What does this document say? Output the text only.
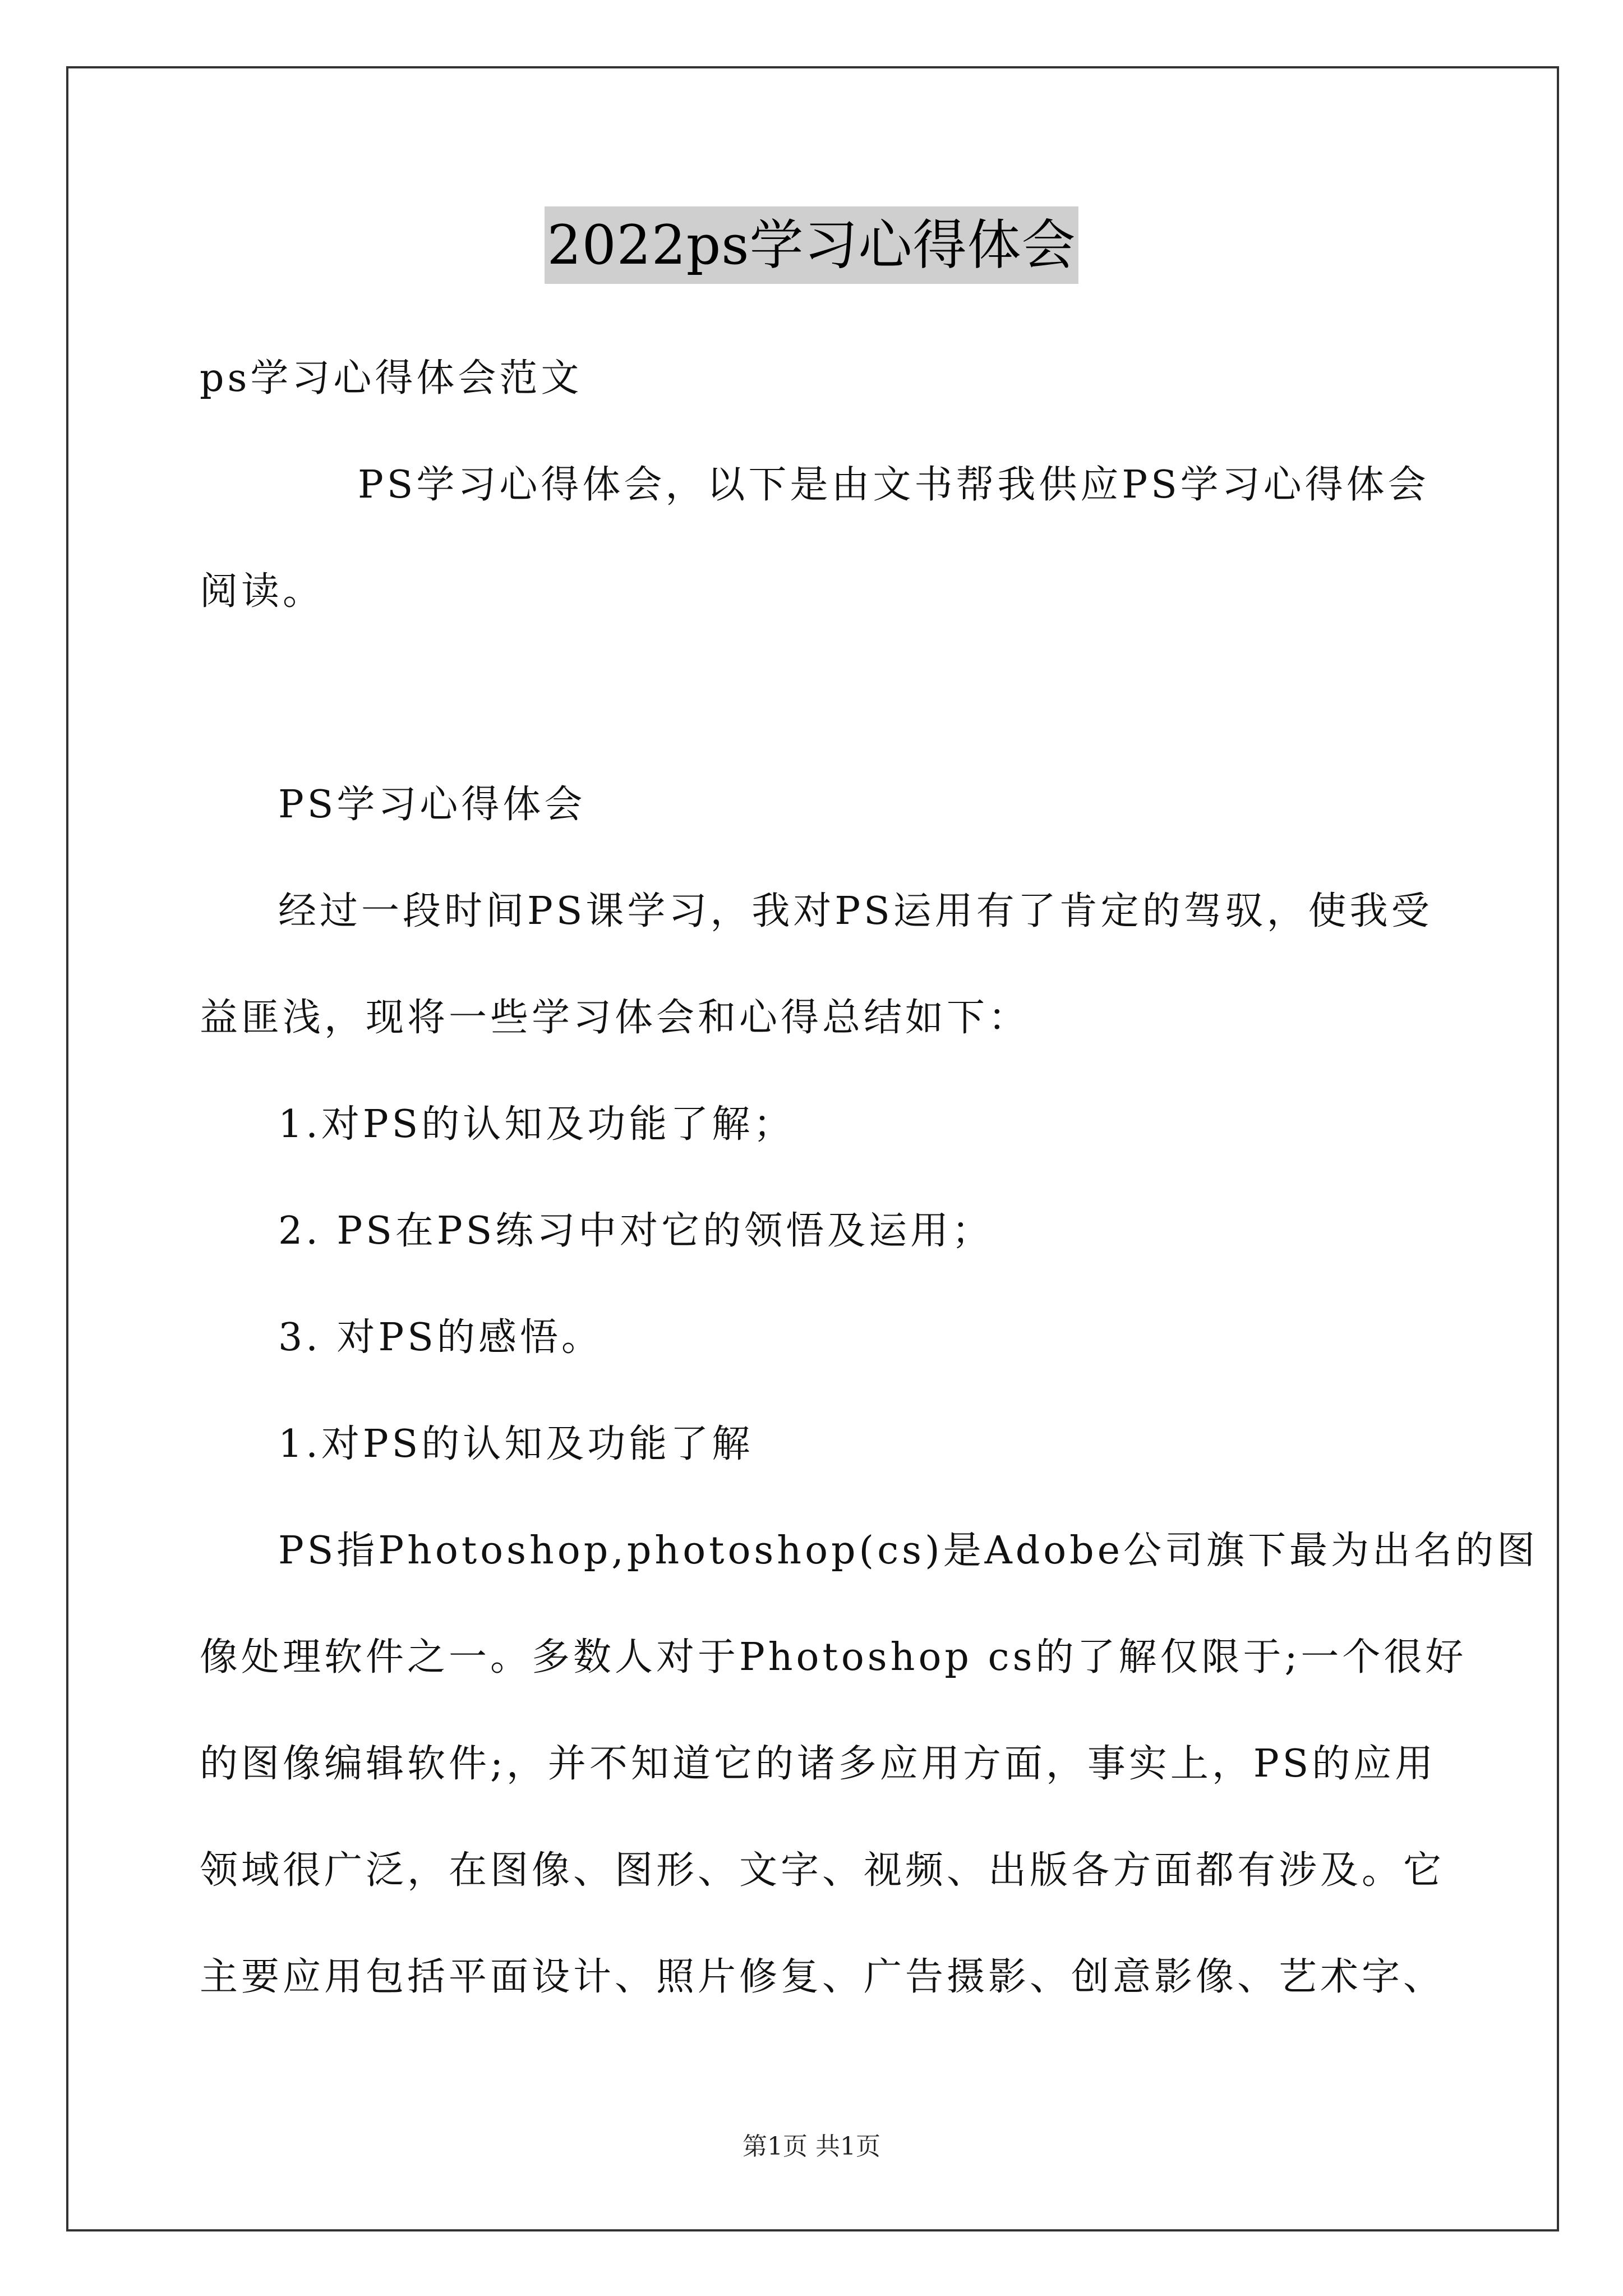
2022ps学习心得体会
ps学习心得体会范文
PS学习心得体会，以下是由文书帮我供应PS学习心得体会
阅读。
PS学习心得体会
经过一段时间PS课学习，我对PS运用有了肯定的驾驭，使我受
益匪浅，现将一些学习体会和心得总结如下：
1.对PS的认知及功能了解；
2. PS在PS练习中对它的领悟及运用；
3. 对PS的感悟。
1.对PS的认知及功能了解
PS指Photoshop,photoshop(cs)是Adobe公司旗下最为出名的图
像处理软件之一。多数人对于Photoshop cs的了解仅限于;一个很好
的图像编辑软件;，并不知道它的诸多应用方面，事实上，PS的应用
领域很广泛，在图像、图形、文字、视频、出版各方面都有涉及。它
主要应用包括平面设计、照片修复、广告摄影、创意影像、艺术字、
第1页 共1页
